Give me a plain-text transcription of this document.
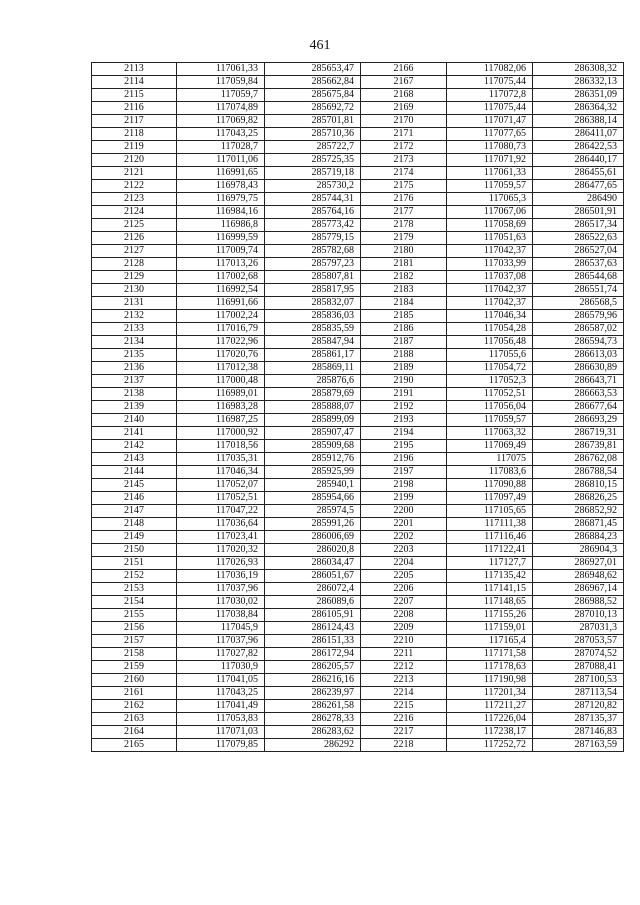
461
2113	117061,33	285653,47	2166	117082,06	286308,32
2114	117059,84	285662,84	2167	117075,44	286332,13
2115	117059,7	285675,84	2168	117072,8	286351,09
2116	117074,89	285692,72	2169	117075,44	286364,32
2117	117069,82	285701,81	2170	117071,47	286388,14
2118	117043,25	285710,36	2171	117077,65	286411,07
2119	117028,7	285722,7	2172	117080,73	286422,53
2120	117011,06	285725,35	2173	117071,92	286440,17
2121	116991,65	285719,18	2174	117061,33	286455,61
2122	116978,43	285730,2	2175	117059,57	286477,65
2123	116979,75	285744,31	2176	117065,3	286490
2124	116984,16	285764,16	2177	117067,06	286501,91
2125	116986,8	285773,42	2178	117058,69	286517,34
2126	116999,59	285779,15	2179	117051,63	286522,63
2127	117009,74	285782,68	2180	117042,37	286527,04
2128	117013,26	285797,23	2181	117033,99	286537,63
2129	117002,68	285807,81	2182	117037,08	286544,68
2130	116992,54	285817,95	2183	117042,37	286551,74
2131	116991,66	285832,07	2184	117042,37	286568,5
2132	117002,24	285836,03	2185	117046,34	286579,96
2133	117016,79	285835,59	2186	117054,28	286587,02
2134	117022,96	285847,94	2187	117056,48	286594,73
2135	117020,76	285861,17	2188	117055,6	286613,03
2136	117012,38	285869,11	2189	117054,72	286630,89
2137	117000,48	285876,6	2190	117052,3	286643,71
2138	116989,01	285879,69	2191	117052,51	286663,53
2139	116983,28	285888,07	2192	117056,04	286677,64
2140	116987,25	285899,09	2193	117059,57	286693,29
2141	117000,92	285907,47	2194	117063,32	286719,31
2142	117018,56	285909,68	2195	117069,49	286739,81
2143	117035,31	285912,76	2196	117075	286762,08
2144	117046,34	285925,99	2197	117083,6	286788,54
2145	117052,07	285940,1	2198	117090,88	286810,15
2146	117052,51	285954,66	2199	117097,49	286826,25
2147	117047,22	285974,5	2200	117105,65	286852,92
2148	117036,64	285991,26	2201	117111,38	286871,45
2149	117023,41	286006,69	2202	117116,46	286884,23
2150	117020,32	286020,8	2203	117122,41	286904,3
2151	117026,93	286034,47	2204	117127,7	286927,01
2152	117036,19	286051,67	2205	117135,42	286948,62
2153	117037,96	286072,4	2206	117141,15	286967,14
2154	117030,02	286089,6	2207	117148,65	286988,52
2155	117038,84	286105,91	2208	117155,26	287010,13
2156	117045,9	286124,43	2209	117159,01	287031,3
2157	117037,96	286151,33	2210	117165,4	287053,57
2158	117027,82	286172,94	2211	117171,58	287074,52
2159	117030,9	286205,57	2212	117178,63	287088,41
2160	117041,05	286216,16	2213	117190,98	287100,53
2161	117043,25	286239,97	2214	117201,34	287113,54
2162	117041,49	286261,58	2215	117211,27	287120,82
2163	117053,83	286278,33	2216	117226,04	287135,37
2164	117071,03	286283,62	2217	117238,17	287146,83
2165	117079,85	286292	2218	117252,72	287163,59
